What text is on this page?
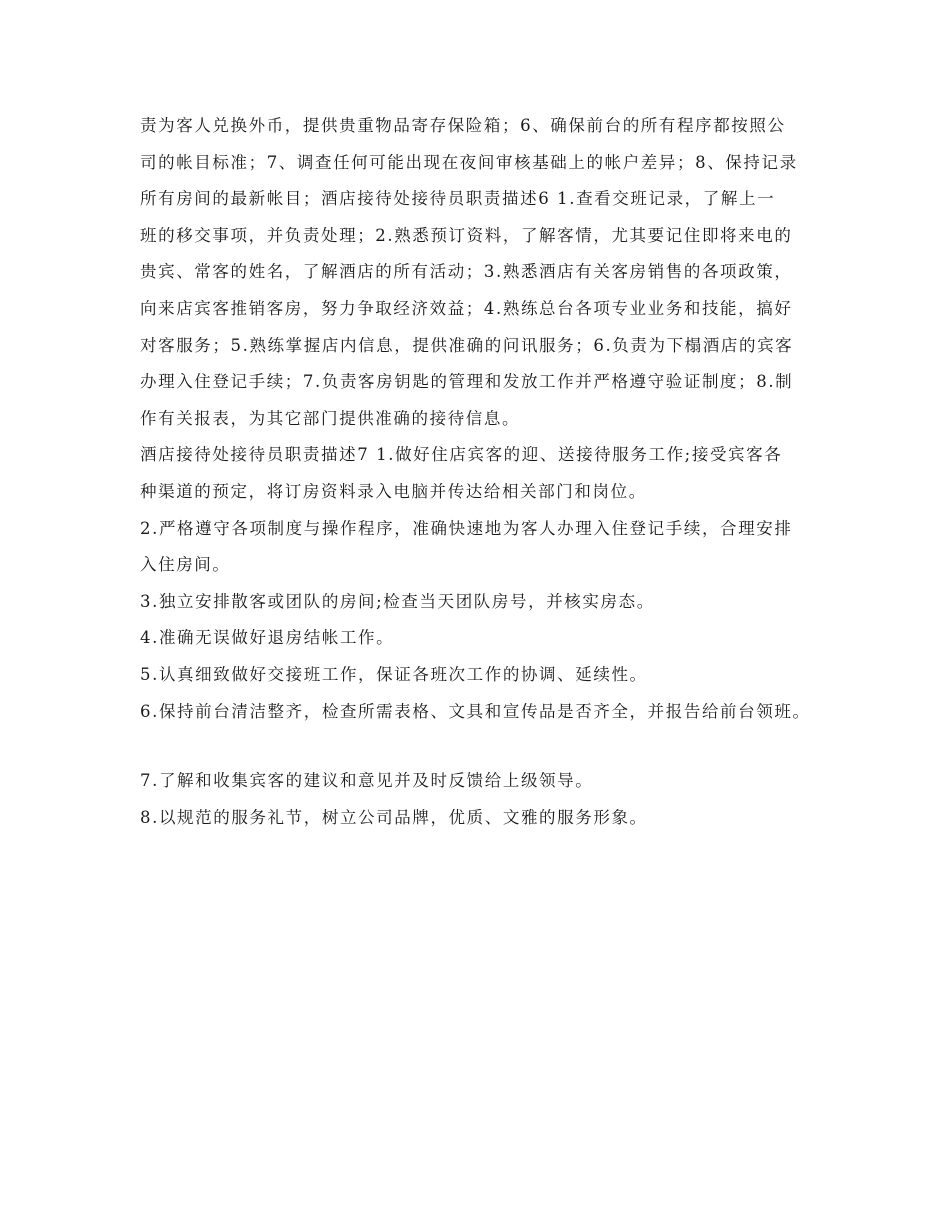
责为客人兑换外币，提供贵重物品寄存保险箱；6、确保前台的所有程序都按照公
司的帐目标准；7、调查任何可能出现在夜间审核基础上的帐户差异；8、保持记录
所有房间的最新帐目；酒店接待处接待员职责描述6 1.查看交班记录，了解上一
班的移交事项，并负责处理；2.熟悉预订资料，了解客情，尤其要记住即将来电的
贵宾、常客的姓名，了解酒店的所有活动；3.熟悉酒店有关客房销售的各项政策，
向来店宾客推销客房，努力争取经济效益；4.熟练总台各项专业业务和技能，搞好
对客服务；5.熟练掌握店内信息，提供准确的问讯服务；6.负责为下榻酒店的宾客
办理入住登记手续；7.负责客房钥匙的管理和发放工作并严格遵守验证制度；8.制
作有关报表，为其它部门提供准确的接待信息。
酒店接待处接待员职责描述7 1.做好住店宾客的迎、送接待服务工作;接受宾客各
种渠道的预定，将订房资料录入电脑并传达给相关部门和岗位。
2.严格遵守各项制度与操作程序，准确快速地为客人办理入住登记手续，合理安排
入住房间。
3.独立安排散客或团队的房间;检查当天团队房号，并核实房态。
4.准确无误做好退房结帐工作。
5.认真细致做好交接班工作，保证各班次工作的协调、延续性。
6.保持前台清洁整齐，检查所需表格、文具和宣传品是否齐全，并报告给前台领班。
7.了解和收集宾客的建议和意见并及时反馈给上级领导。
8.以规范的服务礼节，树立公司品牌，优质、文雅的服务形象。
